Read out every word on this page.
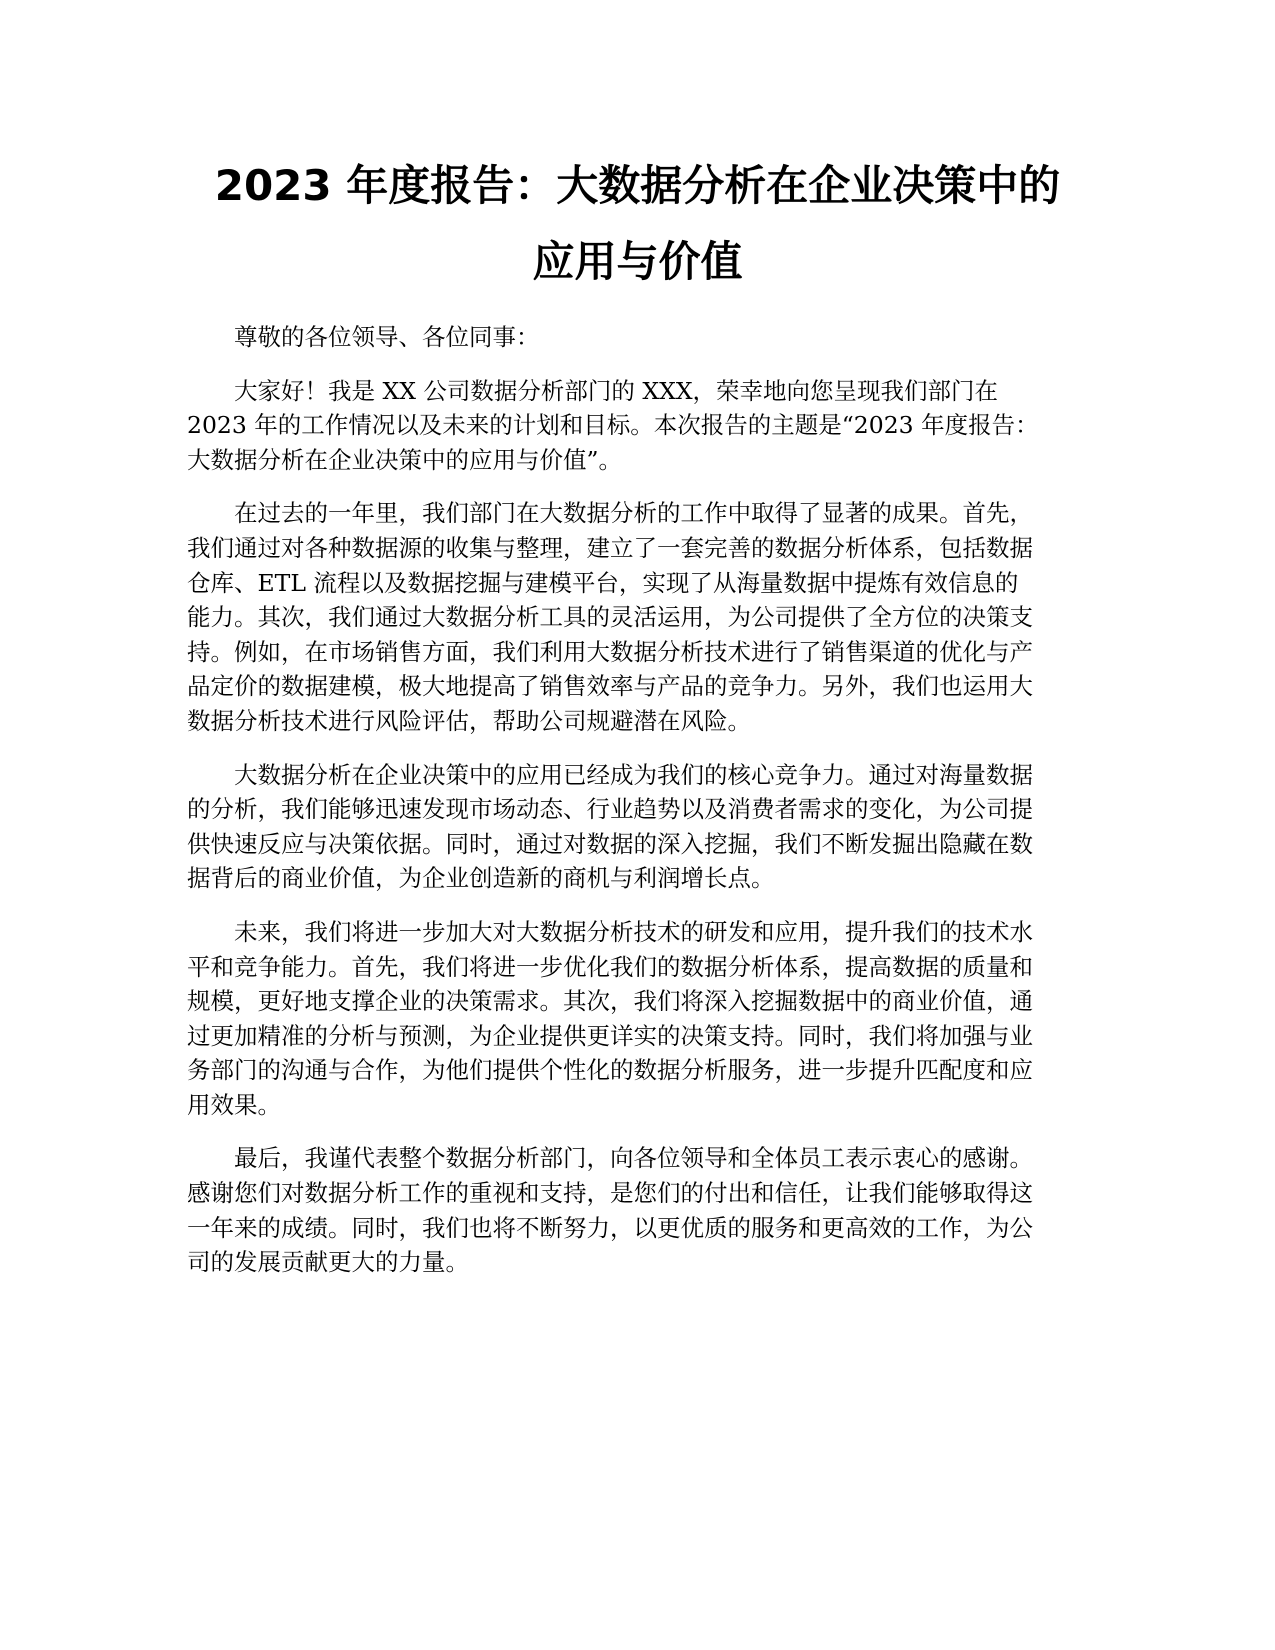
2023 年度报告：大数据分析在企业决策中的
应用与价值

尊敬的各位领导、各位同事：

大家好！我是 XX 公司数据分析部门的 XXX，荣幸地向您呈现我们部门在
2023 年的工作情况以及未来的计划和目标。本次报告的主题是“2023 年度报告：
大数据分析在企业决策中的应用与价值”。

在过去的一年里，我们部门在大数据分析的工作中取得了显著的成果。首先，
我们通过对各种数据源的收集与整理，建立了一套完善的数据分析体系，包括数据
仓库、ETL 流程以及数据挖掘与建模平台，实现了从海量数据中提炼有效信息的
能力。其次，我们通过大数据分析工具的灵活运用，为公司提供了全方位的决策支
持。例如，在市场销售方面，我们利用大数据分析技术进行了销售渠道的优化与产
品定价的数据建模，极大地提高了销售效率与产品的竞争力。另外，我们也运用大
数据分析技术进行风险评估，帮助公司规避潜在风险。

大数据分析在企业决策中的应用已经成为我们的核心竞争力。通过对海量数据
的分析，我们能够迅速发现市场动态、行业趋势以及消费者需求的变化，为公司提
供快速反应与决策依据。同时，通过对数据的深入挖掘，我们不断发掘出隐藏在数
据背后的商业价值，为企业创造新的商机与利润增长点。

未来，我们将进一步加大对大数据分析技术的研发和应用，提升我们的技术水
平和竞争能力。首先，我们将进一步优化我们的数据分析体系，提高数据的质量和
规模，更好地支撑企业的决策需求。其次，我们将深入挖掘数据中的商业价值，通
过更加精准的分析与预测，为企业提供更详实的决策支持。同时，我们将加强与业
务部门的沟通与合作，为他们提供个性化的数据分析服务，进一步提升匹配度和应
用效果。

最后，我谨代表整个数据分析部门，向各位领导和全体员工表示衷心的感谢。
感谢您们对数据分析工作的重视和支持，是您们的付出和信任，让我们能够取得这
一年来的成绩。同时，我们也将不断努力，以更优质的服务和更高效的工作，为公
司的发展贡献更大的力量。
